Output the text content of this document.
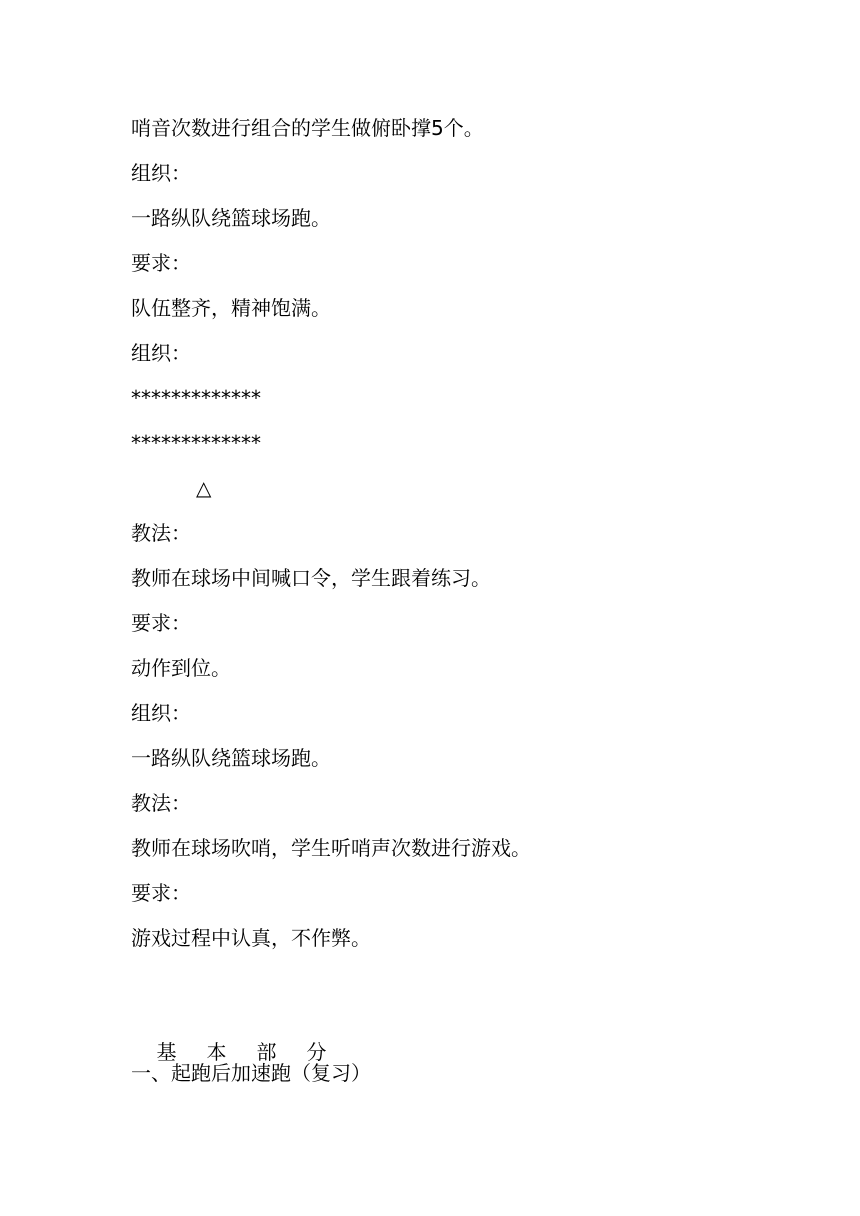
哨音次数进行组合的学生做俯卧撑5个。
组织：
一路纵队绕篮球场跑。
要求：
队伍整齐，精神饱满。
组织：
*************
*************
△
教法：
教师在球场中间喊口令，学生跟着练习。
要求：
动作到位。
组织：
一路纵队绕篮球场跑。
教法：
教师在球场吹哨，学生听哨声次数进行游戏。
要求：
游戏过程中认真，不作弊。

基 本 部 分

一、起跑后加速跑（复习）
